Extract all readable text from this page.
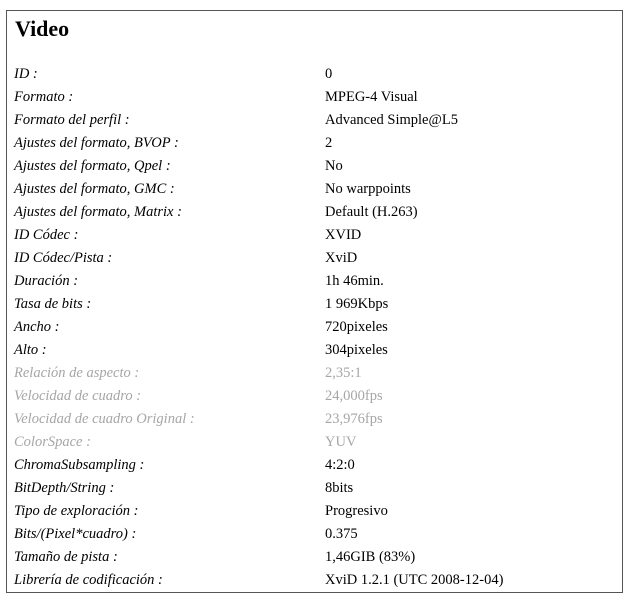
Video
ID :	0
Formato :	MPEG-4 Visual
Formato del perfil :	Advanced Simple@L5
Ajustes del formato, BVOP :	2
Ajustes del formato, Qpel :	No
Ajustes del formato, GMC :	No warppoints
Ajustes del formato, Matrix :	Default (H.263)
ID Códec :	XVID
ID Códec/Pista :	XviD
Duración :	1h 46min.
Tasa de bits :	1 969Kbps
Ancho :	720pixeles
Alto :	304pixeles
Relación de aspecto :	2,35:1
Velocidad de cuadro :	24,000fps
Velocidad de cuadro Original :	23,976fps
ColorSpace :	YUV
ChromaSubsampling :	4:2:0
BitDepth/String :	8bits
Tipo de exploración :	Progresivo
Bits/(Pixel*cuadro) :	0.375
Tamaño de pista :	1,46GIB (83%)
Librería de codificación :	XviD 1.2.1 (UTC 2008-12-04)
